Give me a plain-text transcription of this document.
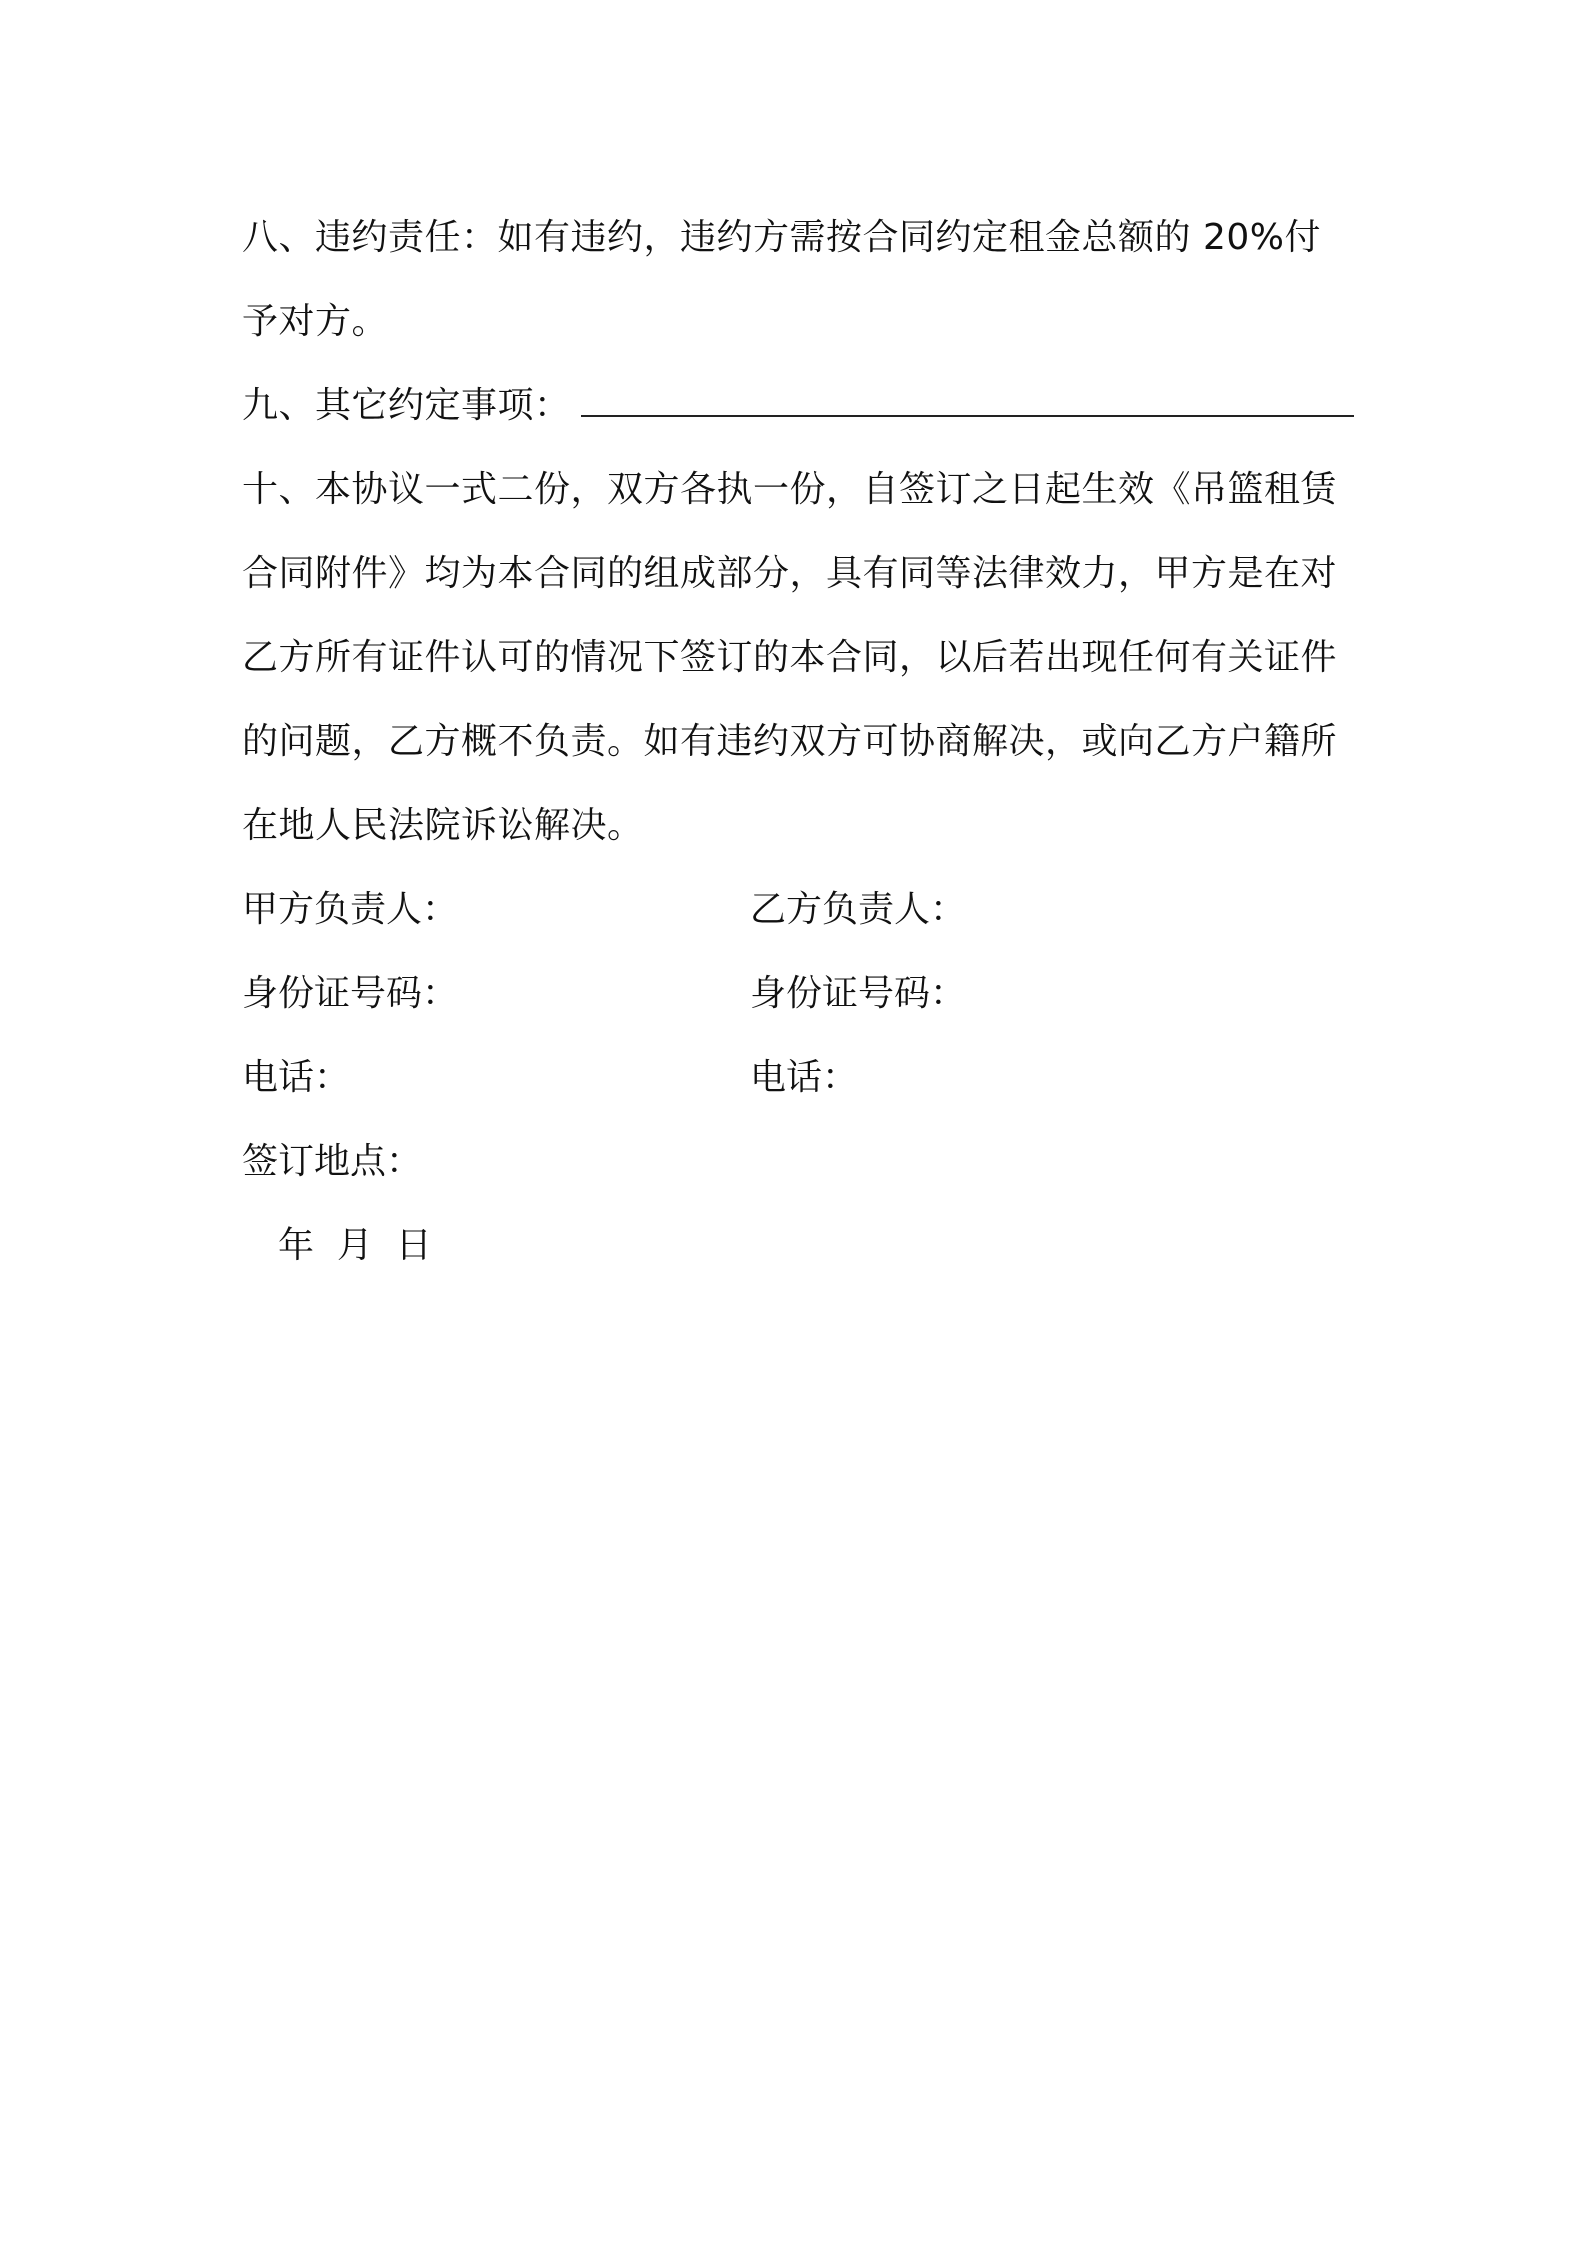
八、违约责任：如有违约，违约方需按合同约定租金总额的 20%付
予对方。
九、其它约定事项：
十、本协议一式二份，双方各执一份，自签订之日起生效《吊篮租赁
合同附件》均为本合同的组成部分，具有同等法律效力，甲方是在对
乙方所有证件认可的情况下签订的本合同，以后若出现任何有关证件
的问题，乙方概不负责。如有违约双方可协商解决，或向乙方户籍所
在地人民法院诉讼解决。
甲方负责人：	乙方负责人：
身份证号码：	身份证号码：
电话：	电话：
签订地点：
年  月  日
